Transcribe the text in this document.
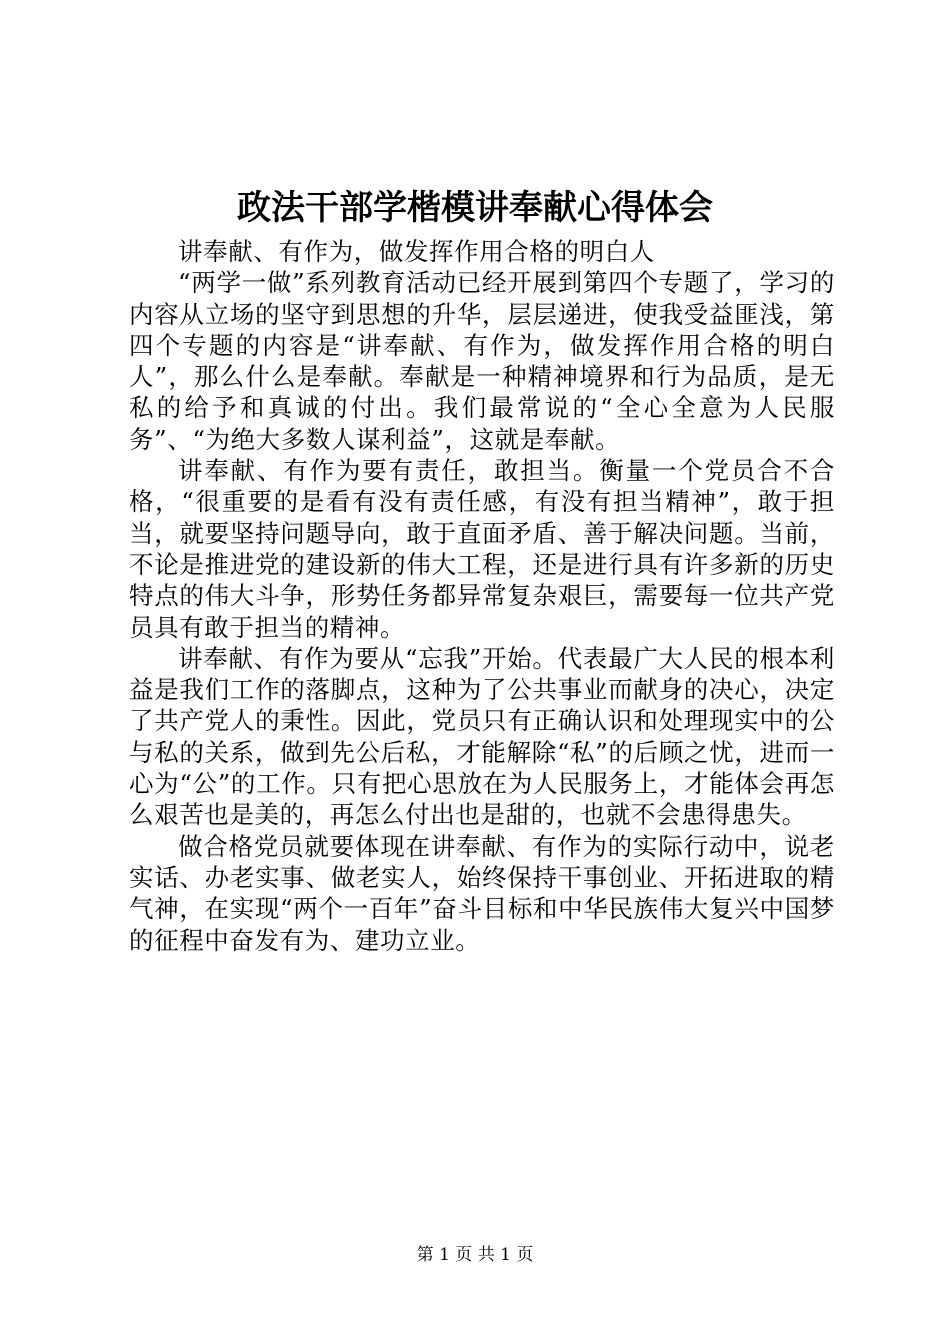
政法干部学楷模讲奉献心得体会

讲奉献、有作为，做发挥作用合格的明白人

“两学一做”系列教育活动已经开展到第四个专题了，学习的内容从立场的坚守到思想的升华，层层递进，使我受益匪浅，第四个专题的内容是“讲奉献、有作为，做发挥作用合格的明白人”，那么什么是奉献。奉献是一种精神境界和行为品质，是无私的给予和真诚的付出。我们最常说的“全心全意为人民服务”、“为绝大多数人谋利益”，这就是奉献。

讲奉献、有作为要有责任，敢担当。衡量一个党员合不合格，“很重要的是看有没有责任感，有没有担当精神”，敢于担当，就要坚持问题导向，敢于直面矛盾、善于解决问题。当前，不论是推进党的建设新的伟大工程，还是进行具有许多新的历史特点的伟大斗争，形势任务都异常复杂艰巨，需要每一位共产党员具有敢于担当的精神。

讲奉献、有作为要从“忘我”开始。代表最广大人民的根本利益是我们工作的落脚点，这种为了公共事业而献身的决心，决定了共产党人的秉性。因此，党员只有正确认识和处理现实中的公与私的关系，做到先公后私，才能解除“私”的后顾之忧，进而一心为“公”的工作。只有把心思放在为人民服务上，才能体会再怎么艰苦也是美的，再怎么付出也是甜的，也就不会患得患失。

做合格党员就要体现在讲奉献、有作为的实际行动中，说老实话、办老实事、做老实人，始终保持干事创业、开拓进取的精气神，在实现“两个一百年”奋斗目标和中华民族伟大复兴中国梦的征程中奋发有为、建功立业。

第 1 页 共 1 页
